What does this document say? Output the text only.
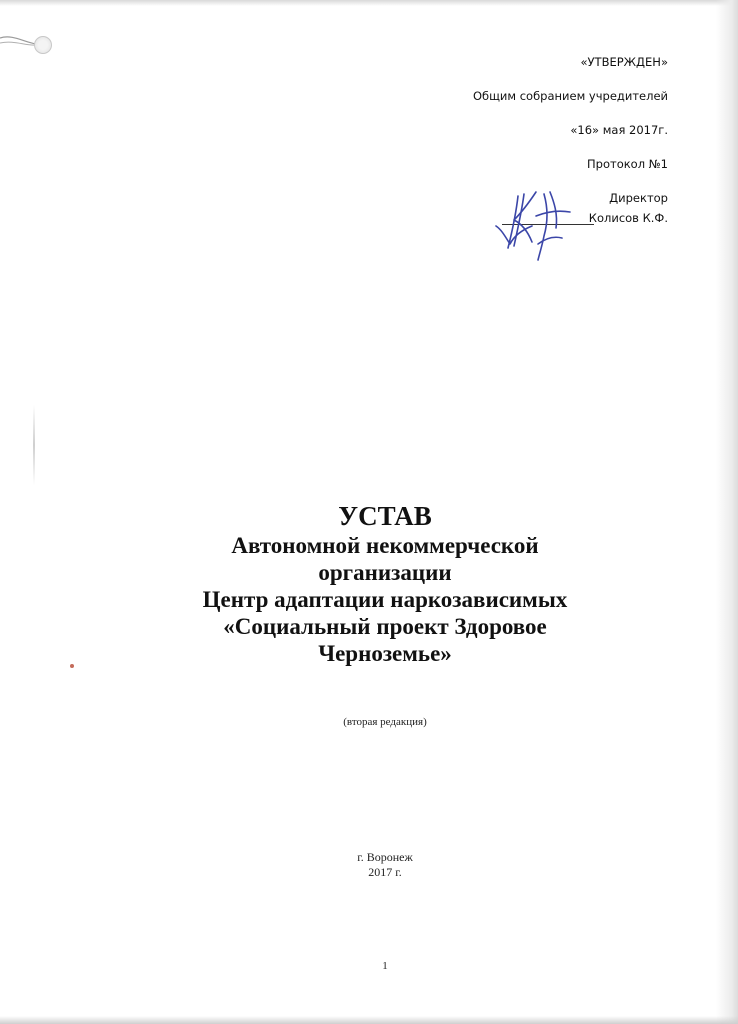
«УТВЕРЖДЕН»
Общим собранием учредителей
«16» мая 2017г.
Протокол №1
Директор
Колисов К.Ф.
УСТАВ
Автономной некоммерческой
организации
Центр адаптации наркозависимых
«Социальный проект Здоровое
Черноземье»
(вторая редакция)
г. Воронеж
2017 г.
1
